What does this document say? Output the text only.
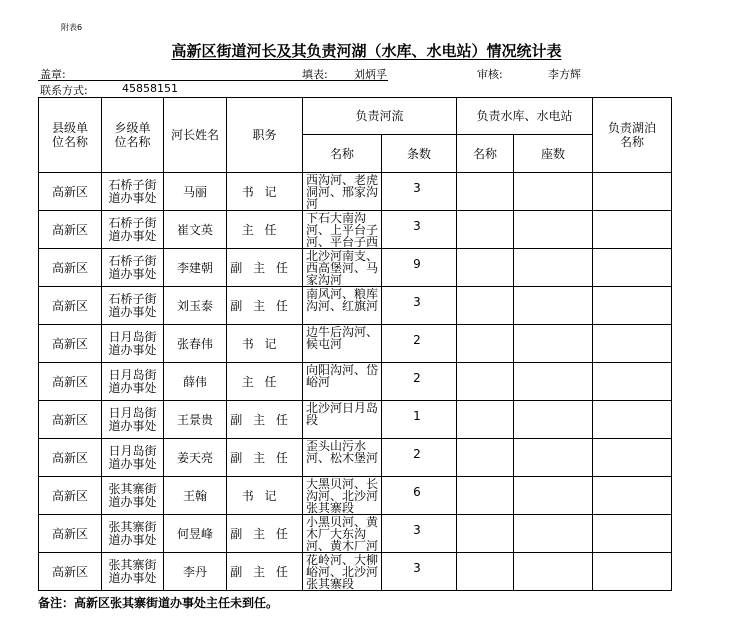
附表6
高新区街道河长及其负责河湖（水库、水电站）情况统计表
盖章:	填表: 刘炳孚	审核:	李方辉
联系方式:	45858151
县级单位名称	乡级单位名称	河长姓名	职务	负责河流		负责水库、水电站		负责湖泊名称

				名称	条数	名称	座数	

高新区	石桥子街道办事处	马丽	书记	西沟河、老虎洞河、邢家沟河	3			

高新区	石桥子街道办事处	崔文英	主任	下石大南沟河、上平台子河、平台子西	3			

高新区	石桥子街道办事处	李建朝	副主任	北沙河南支、西高堡河、马家沟河	9			

高新区	石桥子街道办事处	刘玉泰	副主任	南风河、粮库沟河、红旗河	3			

高新区	日月岛街道办事处	张春伟	书记	边牛后沟河、候屯河	2			

高新区	日月岛街道办事处	薛伟	主任	向阳沟河、岱峪河	2			

高新区	日月岛街道办事处	王景贵	副主任	北沙河日月岛段	1			

高新区	日月岛街道办事处	姜天亮	副主任	歪头山污水河、松木堡河	2			

高新区	张其寨街道办事处	王翰	书记	大黑贝河、长沟河、北沙河张其寨段	6			

高新区	张其寨街道办事处	何昱峰	副主任	小黑贝河、黄木厂大东沟河、黄木厂河	3			

高新区	张其寨街道办事处	李丹	副主任	花岭河、大柳峪河、北沙河张其寨段	3			

备注：高新区张其寨街道办事处主任未到任。
